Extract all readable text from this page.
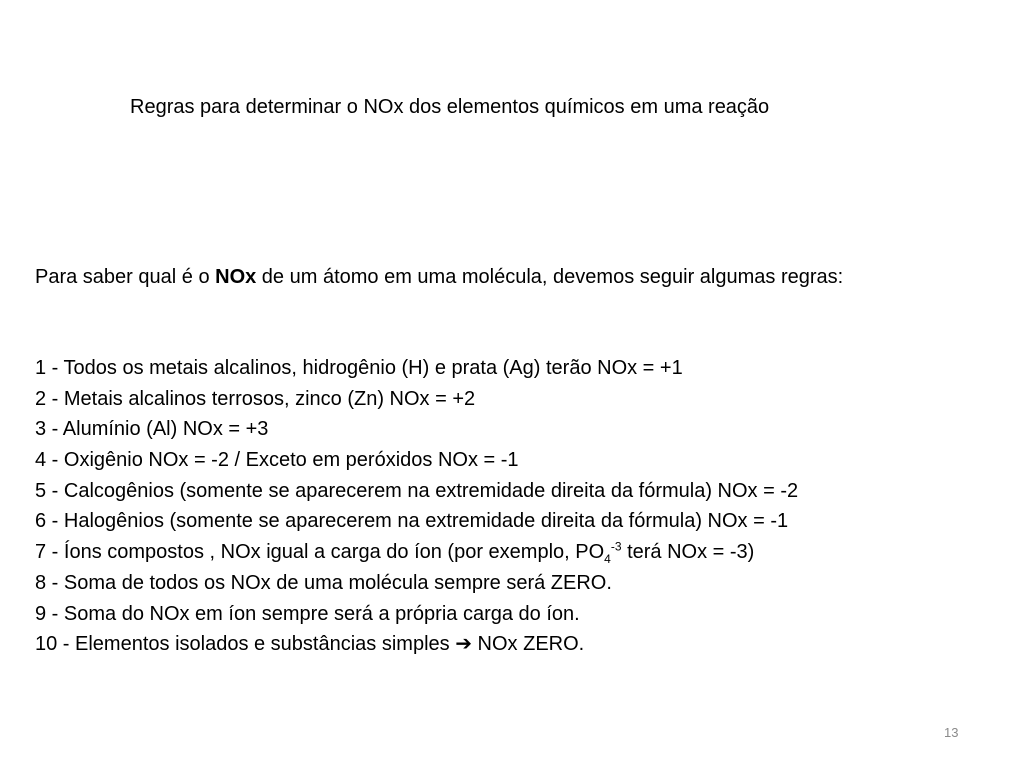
Regras para determinar o NOx dos elementos químicos em uma reação
Para saber qual é o NOx de um átomo em uma molécula, devemos seguir algumas regras:
1 - Todos os metais alcalinos, hidrogênio (H) e prata (Ag) terão NOx = +1
2 - Metais alcalinos terrosos, zinco (Zn) NOx = +2
3 - Alumínio (Al) NOx = +3
4 - Oxigênio NOx = -2 / Exceto em peróxidos NOx = -1
5 - Calcogênios (somente se aparecerem na extremidade direita da fórmula) NOx = -2
6 - Halogênios (somente se aparecerem na extremidade direita da fórmula) NOx = -1
7 - Íons compostos , NOx igual a carga do íon (por exemplo, $PO_4^{-3}$ terá NOx = -3)
8 - Soma de todos os NOx de uma molécula sempre será ZERO.
9 - Soma do NOx em íon sempre será a própria carga do íon.
10 - Elementos isolados e substâncias simples ➔ NOx ZERO.
13
